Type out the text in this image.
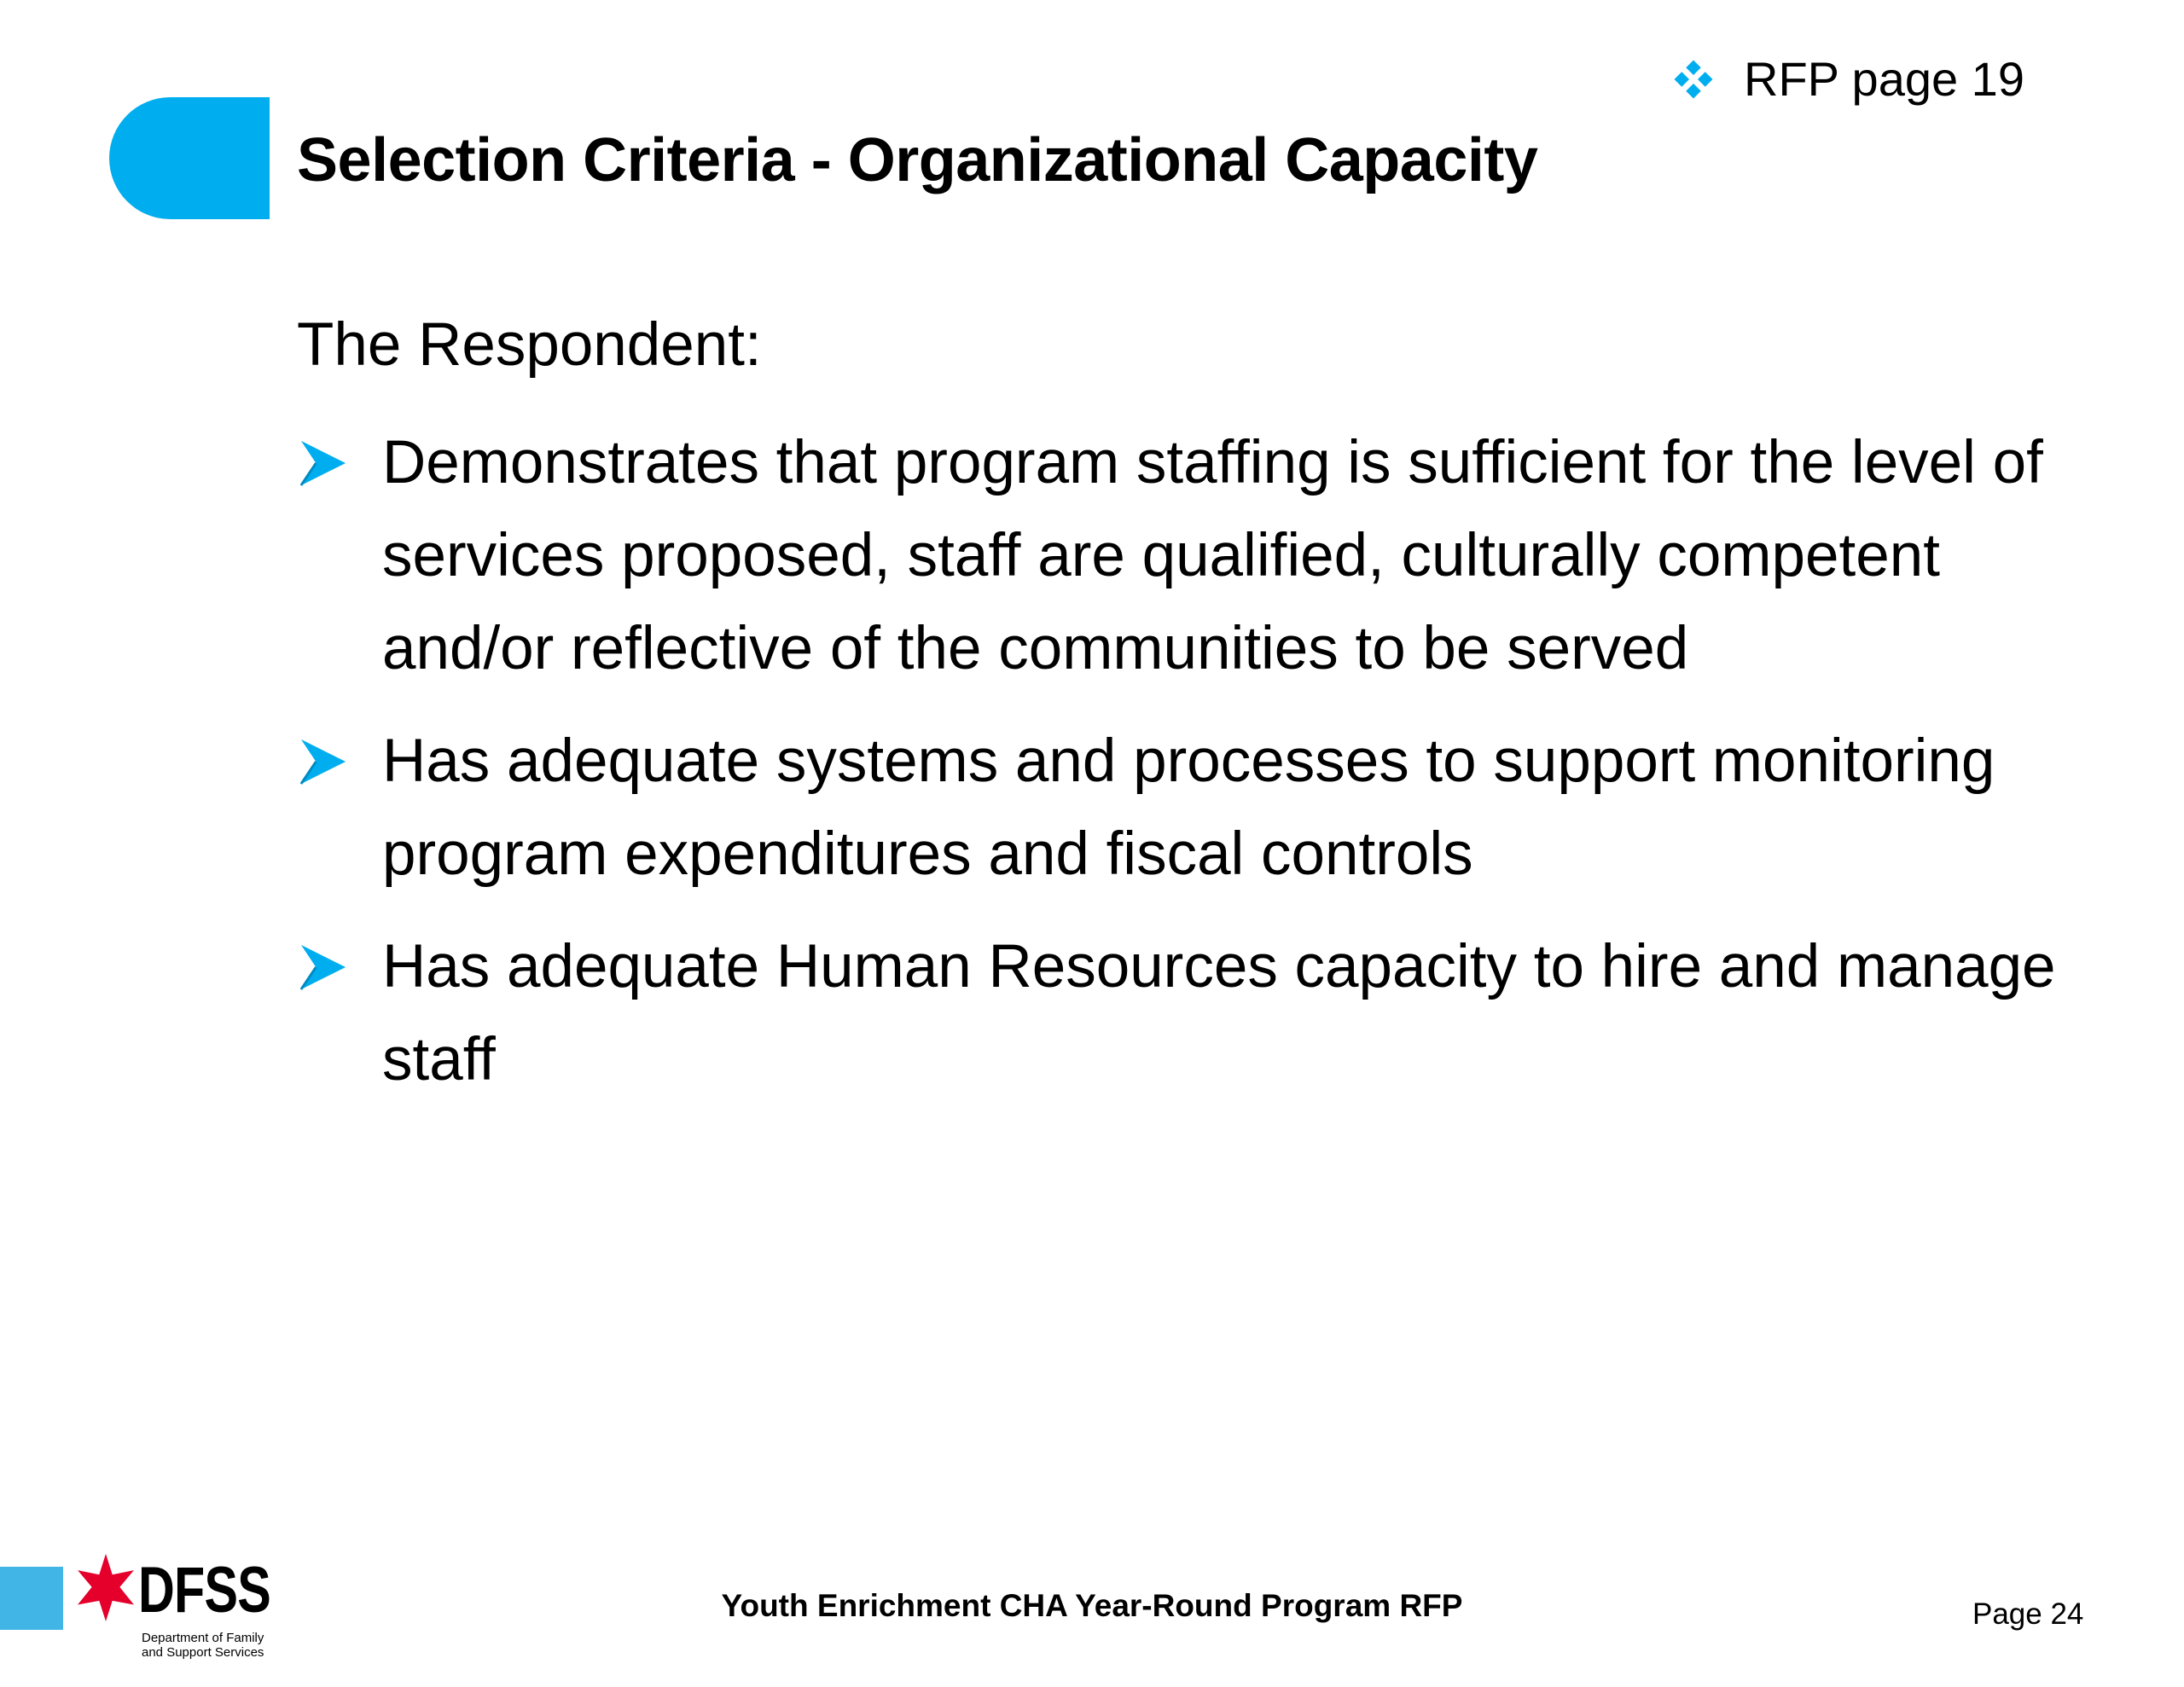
RFP page 19
Selection Criteria - Organizational Capacity
The Respondent:
Demonstrates that program staffing is sufficient for the level of services proposed, staff are qualified, culturally competent and/or reflective of the communities to be served
Has adequate systems and processes to support monitoring program expenditures and fiscal controls
Has adequate Human Resources capacity to hire and manage staff
DFSS
Department of Family
and Support Services
Youth Enrichment CHA Year-Round Program RFP	Page 24
